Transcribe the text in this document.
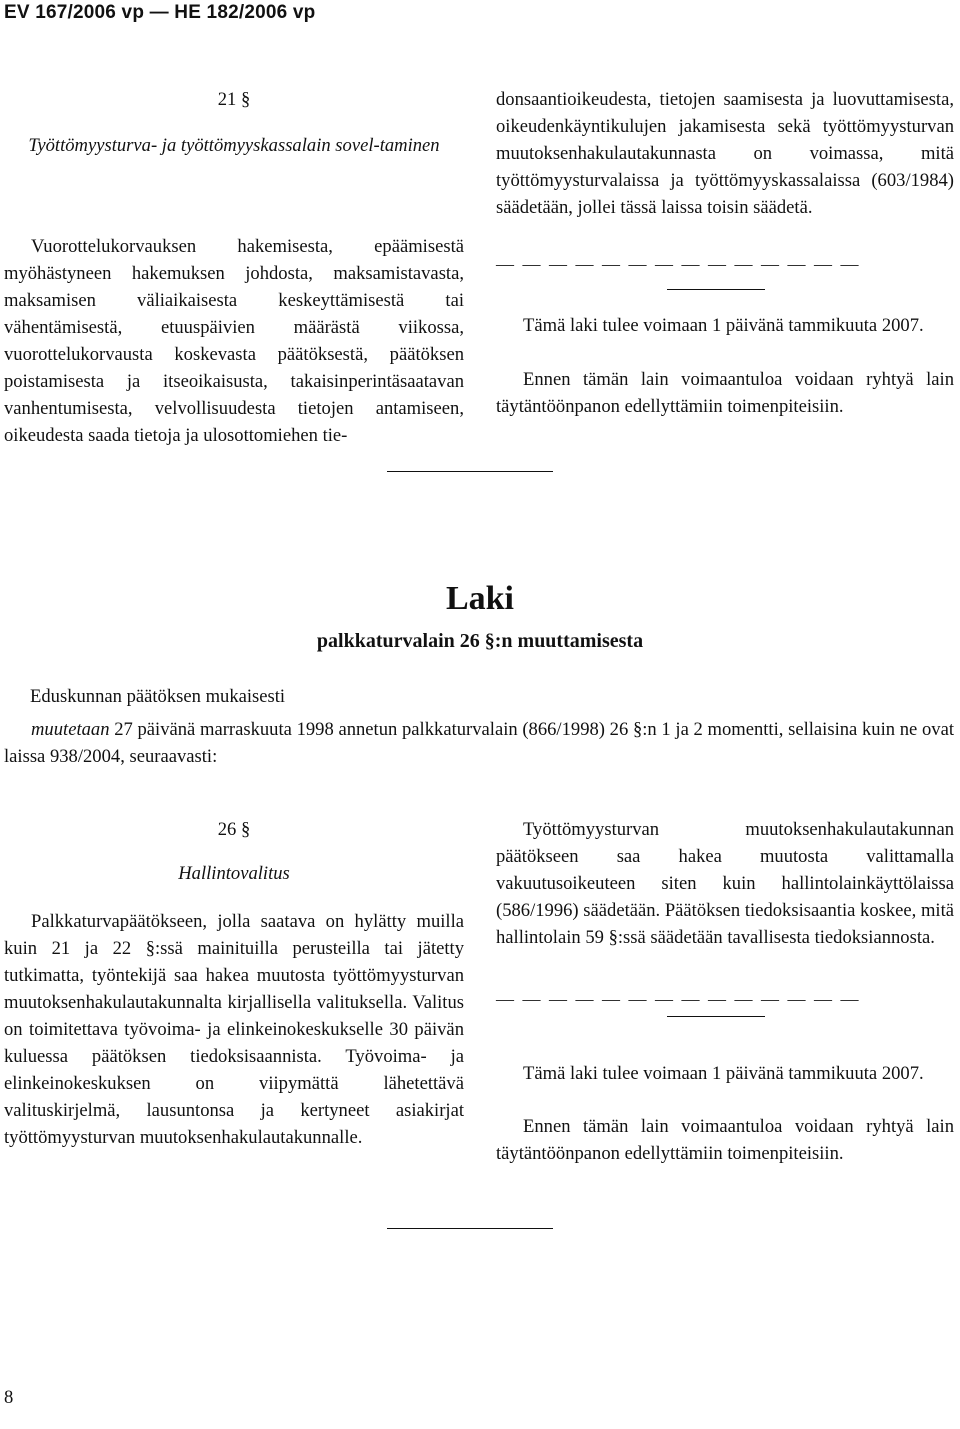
EV 167/2006 vp — HE 182/2006 vp
21 §
Työttömyysturva- ja työttömyyskassalain sovel-taminen
Vuorottelukorvauksen hakemisesta, epäämisestä myöhästyneen hakemuksen johdosta, maksamistavasta, maksamisen väliaikaisesta keskeyttämisestä tai vähentämisestä, etuuspäivien määrästä viikossa, vuorottelukorvausta koskevasta päätöksestä, päätöksen poistamisesta ja itseoikaisusta, takaisinperintäsaatavan vanhentumisesta, velvollisuudesta tietojen antamiseen, oikeudesta saada tietoja ja ulosottomiehen tie-
donsaantioikeudesta, tietojen saamisesta ja luovuttamisesta, oikeudenkäyntikulujen jakamisesta sekä työttömyysturvan muutoksenhakulautakunnasta on voimassa, mitä työttömyysturvalaissa ja työttömyyskassalaissa (603/1984) säädetään, jollei tässä laissa toisin säädetä.
— — — — — — — — — — — — — —
Tämä laki tulee voimaan 1 päivänä tammikuuta 2007.
Ennen tämän lain voimaantuloa voidaan ryhtyä lain täytäntöönpanon edellyttämiin toimenpiteisiin.
Laki
palkkaturvalain 26 §:n muuttamisesta
Eduskunnan päätöksen mukaisesti
muutetaan 27 päivänä marraskuuta 1998 annetun palkkaturvalain (866/1998) 26 §:n 1 ja 2 momentti, sellaisina kuin ne ovat laissa 938/2004, seuraavasti:
26 §
Hallintovalitus
Palkkaturvapäätökseen, jolla saatava on hylätty muilla kuin 21 ja 22 §:ssä mainituilla perusteilla tai jätetty tutkimatta, työntekijä saa hakea muutosta työttömyysturvan muutoksenhakulautakunnalta kirjallisella valituksella. Valitus on toimitettava työvoima- ja elinkeinokeskukselle 30 päivän kuluessa päätöksen tiedoksisaannista. Työvoima- ja elinkeinokeskuksen on viipymättä lähetettävä valituskirjelmä, lausuntonsa ja kertyneet asiakirjat työttömyysturvan muutoksenhakulautakunnalle.
Työttömyysturvan muutoksenhakulautakunnan päätökseen saa hakea muutosta valittamalla vakuutusoikeuteen siten kuin hallintolainkäyttölaissa (586/1996) säädetään. Päätöksen tiedoksisaantia koskee, mitä hallintolain 59 §:ssä säädetään tavallisesta tiedoksiannosta.
— — — — — — — — — — — — — —
Tämä laki tulee voimaan 1 päivänä tammikuuta 2007.
Ennen tämän lain voimaantuloa voidaan ryhtyä lain täytäntöönpanon edellyttämiin toimenpiteisiin.
8
